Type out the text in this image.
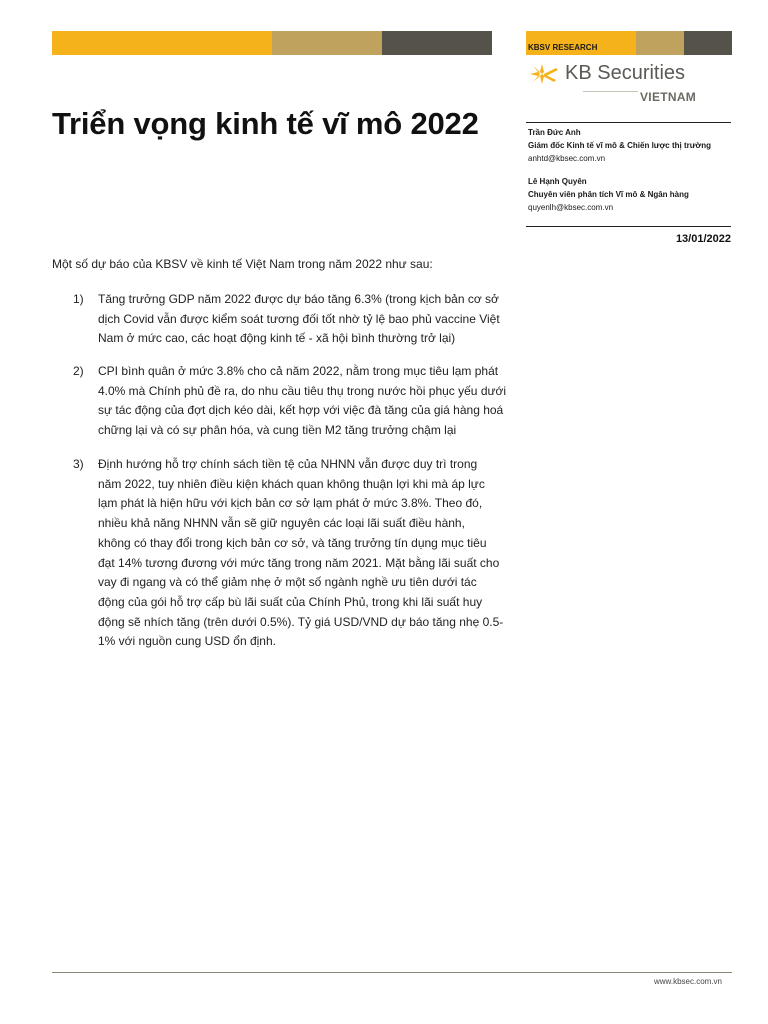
KBSV RESEARCH
KB Securities
VIETNAM
Triển vọng kinh tế vĩ mô 2022	Trần Đức Anh
Giám đốc Kinh tế vĩ mô & Chiến lược thị trường
anhtd@kbsec.com.vn
Lê Hạnh Quyên
Chuyên viên phân tích Vĩ mô & Ngân hàng
quyenlh@kbsec.com.vn
13/01/2022

Một số dự báo của KBSV về kinh tế Việt Nam trong năm 2022 như sau:

1) Tăng trưởng GDP năm 2022 được dự báo tăng 6.3% (trong kịch bản cơ sở
dịch Covid vẫn được kiểm soát tương đối tốt nhờ tỷ lệ bao phủ vaccine Việt
Nam ở mức cao, các hoạt động kinh tế - xã hội bình thường trở lại)
2) CPI bình quân ở mức 3.8% cho cả năm 2022, nằm trong mục tiêu lạm phát
4.0% mà Chính phủ đề ra, do nhu cầu tiêu thụ trong nước hồi phục yếu dưới
sự tác động của đợt dịch kéo dài, kết hợp với việc đà tăng của giá hàng hoá
chững lại và có sự phân hóa, và cung tiền M2 tăng trưởng chậm lại
3) Định hướng hỗ trợ chính sách tiền tệ của NHNN vẫn được duy trì trong
năm 2022, tuy nhiên điều kiện khách quan không thuận lợi khi mà áp lực
lạm phát là hiện hữu với kịch bản cơ sở lạm phát ở mức 3.8%. Theo đó,
nhiều khả năng NHNN vẫn sẽ giữ nguyên các loại lãi suất điều hành,
không có thay đổi trong kịch bản cơ sở, và tăng trưởng tín dụng mục tiêu
đạt 14% tương đương với mức tăng trong năm 2021. Mặt bằng lãi suất cho
vay đi ngang và có thể giảm nhẹ ở một số ngành nghề ưu tiên dưới tác
động của gói hỗ trợ cấp bù lãi suất của Chính Phủ, trong khi lãi suất huy
động sẽ nhích tăng (trên dưới 0.5%). Tỷ giá USD/VND dự báo tăng nhẹ 0.5-
1% với nguồn cung USD ổn định.
www.kbsec.com.vn
